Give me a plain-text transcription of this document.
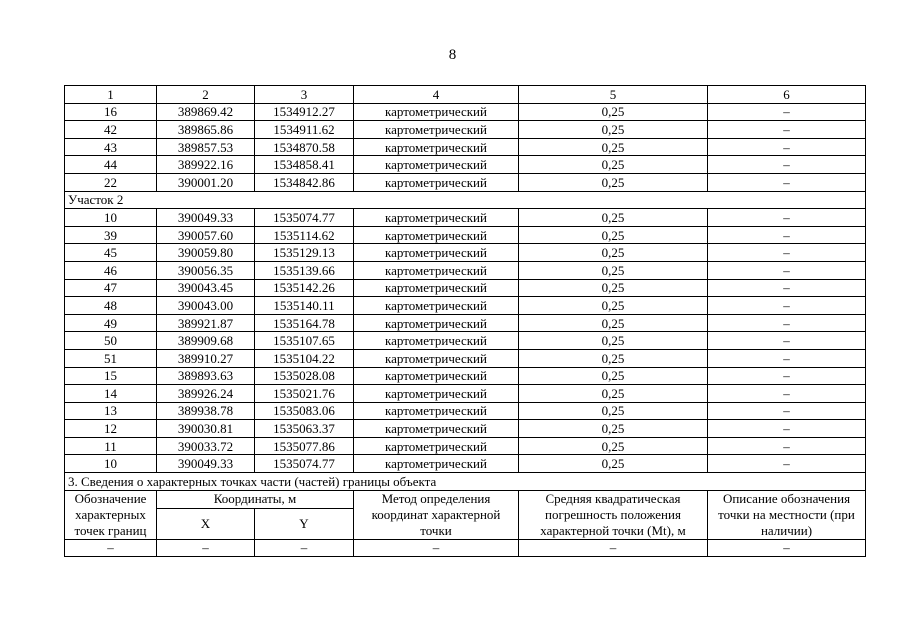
8
1	2	3	4	5	6
16	389869.42	1534912.27	картометрический	0,25	–
42	389865.86	1534911.62	картометрический	0,25	–
43	389857.53	1534870.58	картометрический	0,25	–
44	389922.16	1534858.41	картометрический	0,25	–
22	390001.20	1534842.86	картометрический	0,25	–
Участок 2					
10	390049.33	1535074.77	картометрический	0,25	–
39	390057.60	1535114.62	картометрический	0,25	–
45	390059.80	1535129.13	картометрический	0,25	–
46	390056.35	1535139.66	картометрический	0,25	–
47	390043.45	1535142.26	картометрический	0,25	–
48	390043.00	1535140.11	картометрический	0,25	–
49	389921.87	1535164.78	картометрический	0,25	–
50	389909.68	1535107.65	картометрический	0,25	–
51	389910.27	1535104.22	картометрический	0,25	–
15	389893.63	1535028.08	картометрический	0,25	–
14	389926.24	1535021.76	картометрический	0,25	–
13	389938.78	1535083.06	картометрический	0,25	–
12	390030.81	1535063.37	картометрический	0,25	–
11	390033.72	1535077.86	картометрический	0,25	–
10	390049.33	1535074.77	картометрический	0,25	–
3. Сведения о характерных точках части (частей) границы объекта					
Обозначение характерных точек границ	Координаты, м		Метод определения координат характерной точки	Средняя квадратическая погрешность положения характерной точки (Mt), м	Описание обозначения точки на местности (при наличии)
	X	Y			
–	–	–	–	–	–
